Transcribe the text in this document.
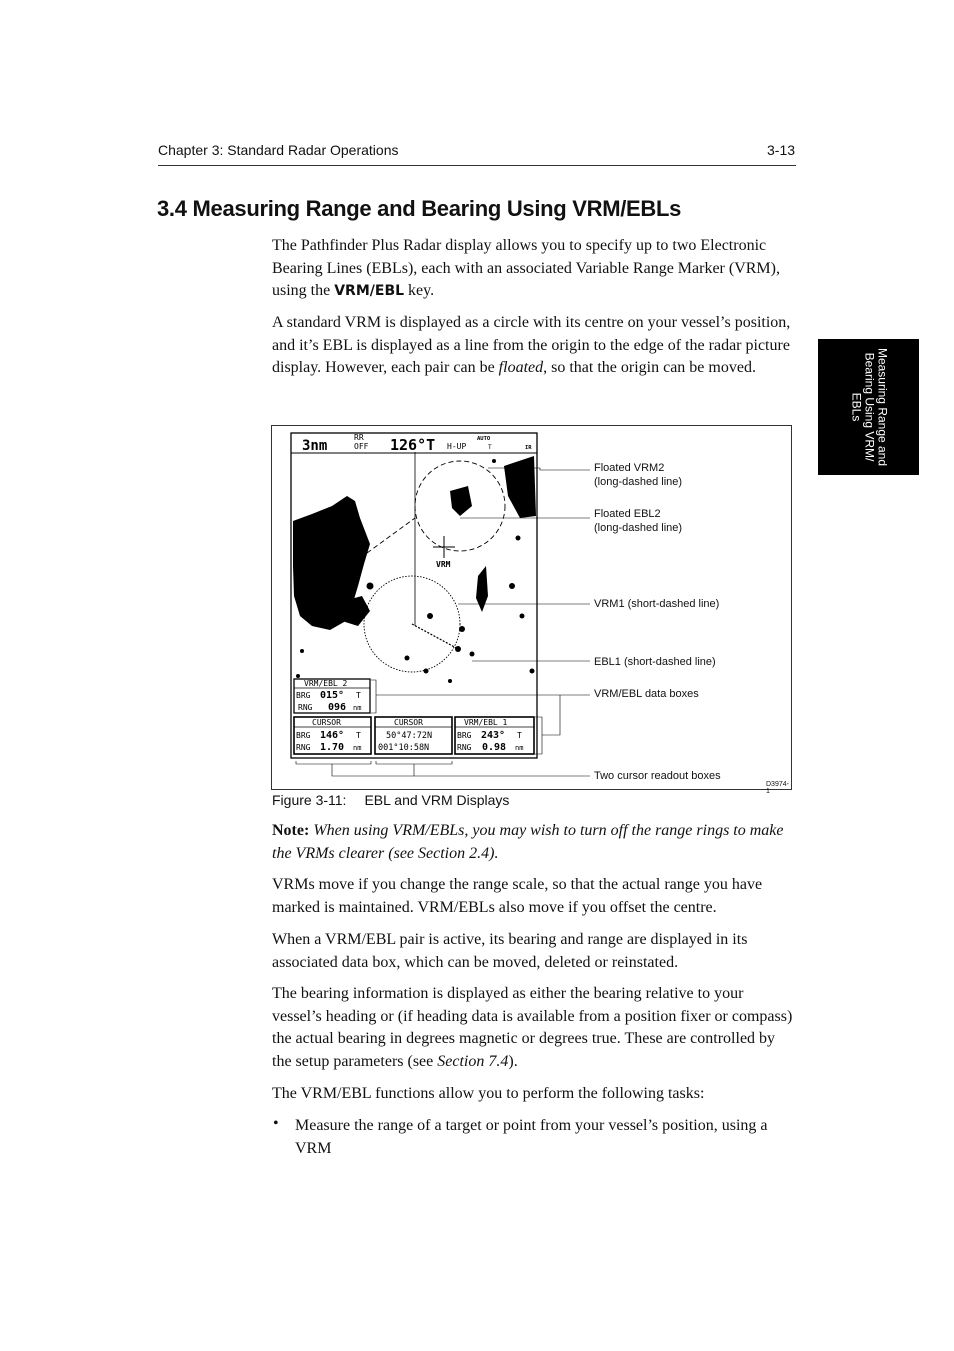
Chapter 3: Standard Radar Operations	3-13
3.4 Measuring Range and Bearing Using VRM/EBLs

The Pathfinder Plus Radar display allows you to specify up to two Electronic Bearing Lines (EBLs), each with an associated Variable Range Marker (VRM), using the VRM/EBL key.

A standard VRM is displayed as a circle with its centre on your vessel’s position, and it’s EBL is displayed as a line from the origin to the edge of the radar picture display. However, each pair can be floated, so that the origin can be moved.	Measuring Range and Bearing Using VRM/ EBLs
3nm
RR
OFF 126°T H-UP
AUTO
T	IR
VRM
VRM/EBL 2
BRG 015° T
RNG 096 nm
CURSOR
BRG 146° T
RNG 1.70 nm
CURSOR
50°47:72N
001°10:58N
VRM/EBL 1
BRG 243° T
RNG 0.98 nm
Floated VRM2
(long-dashed line)
Floated EBL2
(long-dashed line)
VRM1 (short-dashed line)
EBL1 (short-dashed line)
VRM/EBL data boxes
Two cursor readout boxes
D3974-1
Figure 3-11: EBL and VRM Displays

Note: When using VRM/EBLs, you may wish to turn off the range rings to make the VRMs clearer (see Section 2.4).

VRMs move if you change the range scale, so that the actual range you have marked is maintained. VRM/EBLs also move if you offset the centre.

When a VRM/EBL pair is active, its bearing and range are displayed in its associated data box, which can be moved, deleted or reinstated.

The bearing information is displayed as either the bearing relative to your vessel’s heading or (if heading data is available from a position fixer or compass) the actual bearing in degrees magnetic or degrees true. These are controlled by the setup parameters (see Section 7.4).

The VRM/EBL functions allow you to perform the following tasks:

• Measure the range of a target or point from your vessel’s position, using a VRM
